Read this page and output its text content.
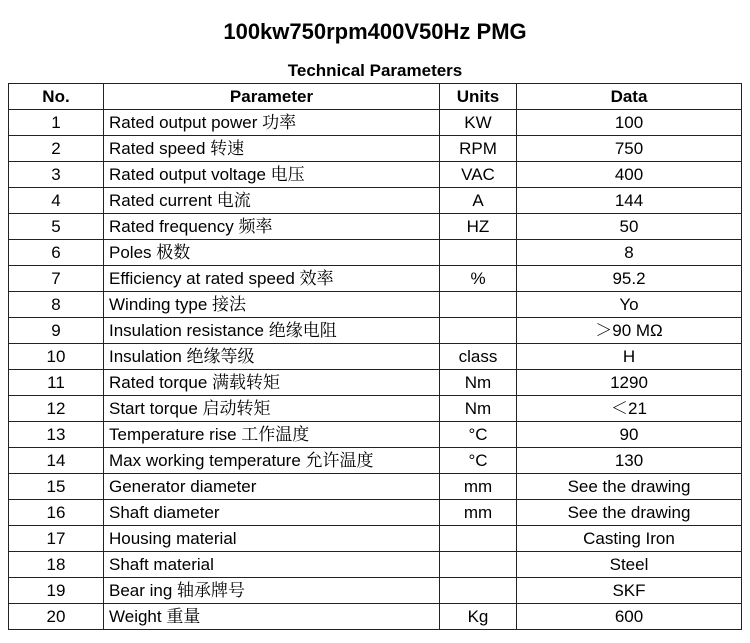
100kw750rpm400V50Hz PMG
Technical Parameters
No.	Parameter	Units	Data
1	Rated output power 功率	KW	100
2	Rated speed 转速	RPM	750
3	Rated output voltage 电压	VAC	400
4	Rated current 电流	A	144
5	Rated frequency 频率	HZ	50
6	Poles 极数		8
7	Efficiency at rated speed 效率	%	95.2
8	Winding type 接法		Yo
9	Insulation resistance 绝缘电阻		＞90 MΩ
10	Insulation 绝缘等级	class	H
11	Rated torque 满载转矩	Nm	1290
12	Start torque 启动转矩	Nm	＜21
13	Temperature rise 工作温度	°C	90
14	Max working temperature 允许温度	°C	130
15	Generator diameter	mm	See the drawing
16	Shaft diameter	mm	See the drawing
17	Housing material		Casting Iron
18	Shaft material		Steel
19	Bear ing 轴承牌号		SKF
20	Weight 重量	Kg	600
